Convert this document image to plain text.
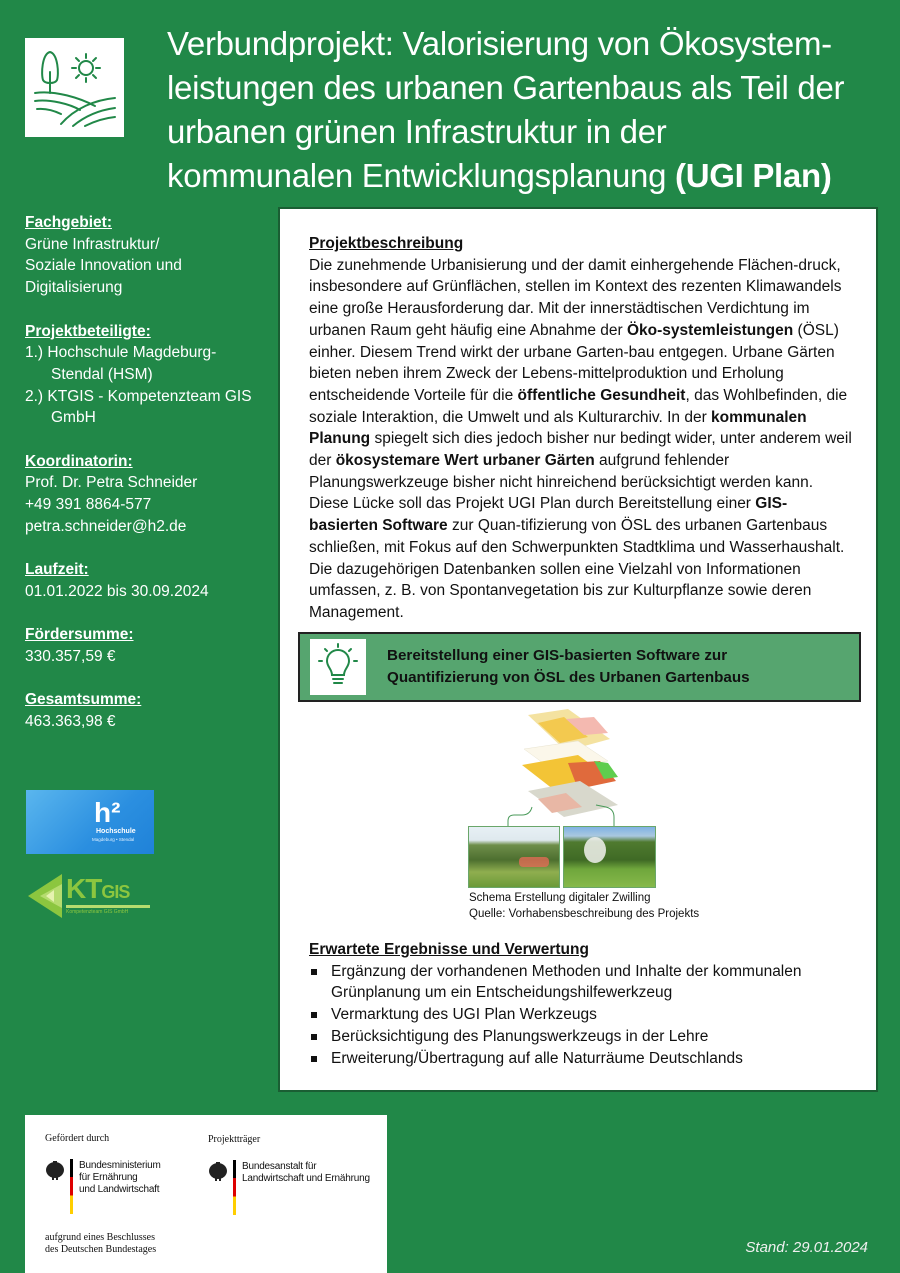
Verbundprojekt: Valorisierung von Ökosystem-
leistungen des urbanen Gartenbaus als Teil der
urbanen grünen Infrastruktur in der
kommunalen Entwicklungsplanung (UGI Plan)
Fachgebiet:
Grüne Infrastruktur/
Soziale Innovation und
Digitalisierung
Projektbeteiligte:
1.) Hochschule Magdeburg-
Stendal (HSM)
2.) KTGIS - Kompetenzteam GIS
GmbH
Koordinatorin:
Prof. Dr. Petra Schneider
+49 391 8864-577
petra.schneider@h2.de
Laufzeit:
01.01.2022 bis 30.09.2024
Fördersumme:
330.357,59 €
Gesamtsumme:
463.363,98 €
h²
Hochschule
Magdeburg • Stendal
KTGIS
Kompetenzteam GIS GmbH
Projektbeschreibung
Die zunehmende Urbanisierung und der damit einhergehende Flächen-druck, insbesondere auf Grünflächen, stellen im Kontext des rezenten Klimawandels eine große Herausforderung dar. Mit der innerstädtischen Verdichtung im urbanen Raum geht häufig eine Abnahme der Öko-systemleistungen (ÖSL) einher. Diesem Trend wirkt der urbane Garten-bau entgegen. Urbane Gärten bieten neben ihrem Zweck der Lebens-mittelproduktion und Erholung entscheidende Vorteile für die öffentliche Gesundheit, das Wohlbefinden, die soziale Interaktion, die Umwelt und als Kulturarchiv. In der kommunalen Planung spiegelt sich dies jedoch bisher nur bedingt wider, unter anderem weil der ökosystemare Wert urbaner Gärten aufgrund fehlender Planungswerkzeuge bisher nicht hinreichend berücksichtigt werden kann. Diese Lücke soll das Projekt UGI Plan durch Bereitstellung einer GIS-basierten Software zur Quan-tifizierung von ÖSL des urbanen Gartenbaus schließen, mit Fokus auf den Schwerpunkten Stadtklima und Wasserhaushalt. Die dazugehörigen Datenbanken sollen eine Vielzahl von Informationen umfassen, z. B. von Spontanvegetation bis zur Kulturpflanze sowie deren Management.
Bereitstellung einer GIS-basierten Software zur
Quantifizierung von ÖSL des Urbanen Gartenbaus
Schema Erstellung digitaler Zwilling
Quelle: Vorhabensbeschreibung des Projekts
Erwartete Ergebnisse und Verwertung
Ergänzung der vorhandenen Methoden und Inhalte der kommunalen Grünplanung um ein Entscheidungshilfewerkzeug
Vermarktung des UGI Plan Werkzeugs
Berücksichtigung des Planungswerkzeugs in der Lehre
Erweiterung/Übertragung auf alle Naturräume Deutschlands
Gefördert durch
Bundesministerium
für Ernährung
und Landwirtschaft
Projektträger
Bundesanstalt für
Landwirtschaft und Ernährung
aufgrund eines Beschlusses
des Deutschen Bundestages	Stand: 29.01.2024
